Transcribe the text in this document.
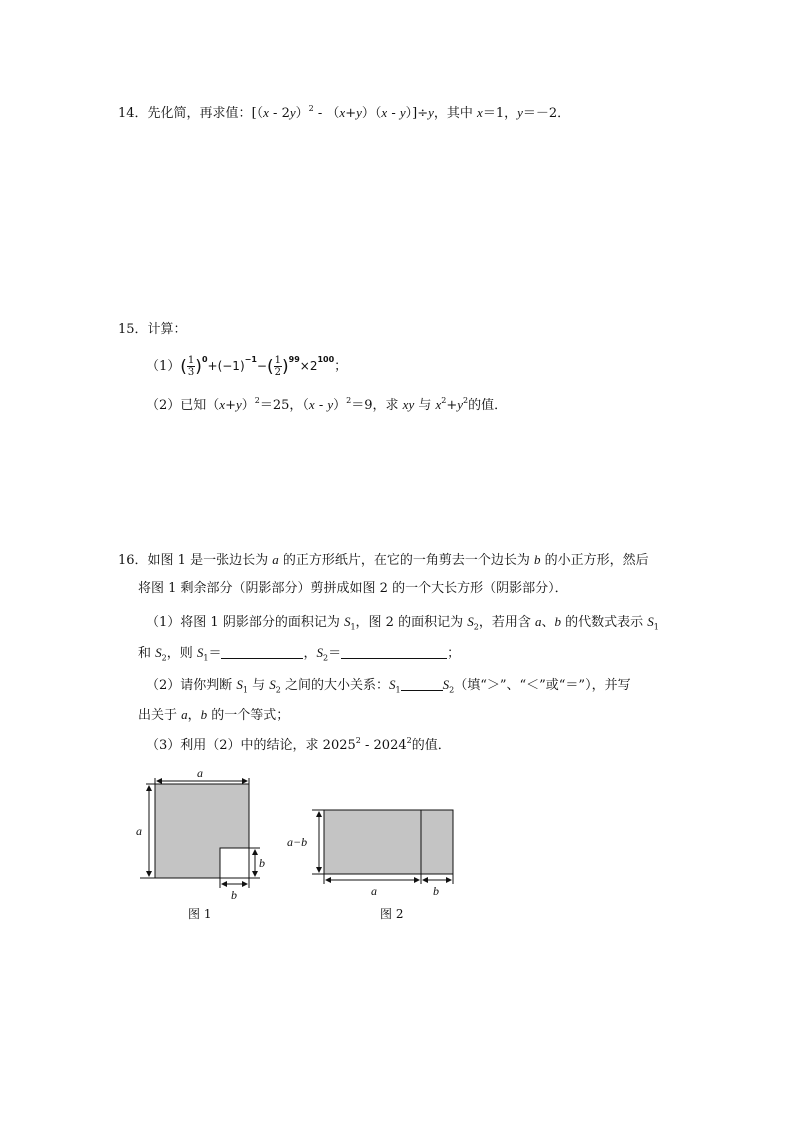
14．先化简，再求值：[（x - 2y）$^2$ - （x+y）（x - y）]÷y，其中 x＝1，y＝－2．
15．计算：
$(1)( \frac{1}{3} )^0+(-1)^{-1}-( \frac{1}{2} )^{99}\times 2^{100}$；
（2）已知$(x+y)^2=25$，（x - y）$^2$＝9，求 xy 与 $x^2+y^2$的值．
16．如图 1 是一张边长为 a 的正方形纸片，在它的一角剪去一个边长为 b 的小正方形，然后
将图 1 剩余部分（阴影部分）剪拼成如图 2 的一个大长方形（阴影部分）．
（1）将图 1 阴影部分的面积记为 $S_1$，图 2 的面积记为 $S_2$，若用含 a、b 的代数式表示 $S_1$
和 $S_2$，则 $S_1=$	，$S_2=$	；
（2）请你判断 $S_1$ 与 $S_2$ 之间的大小关系：$S_1$	$S_2$（填“＞”、“＜”或“＝”），并写
出关于 a，b 的一个等式；
（3）利用（2）中的结论，求 2025$^2$ - 2024$^2$的值．
a
a
b
b
图 1
a−b
a	b
图 2
